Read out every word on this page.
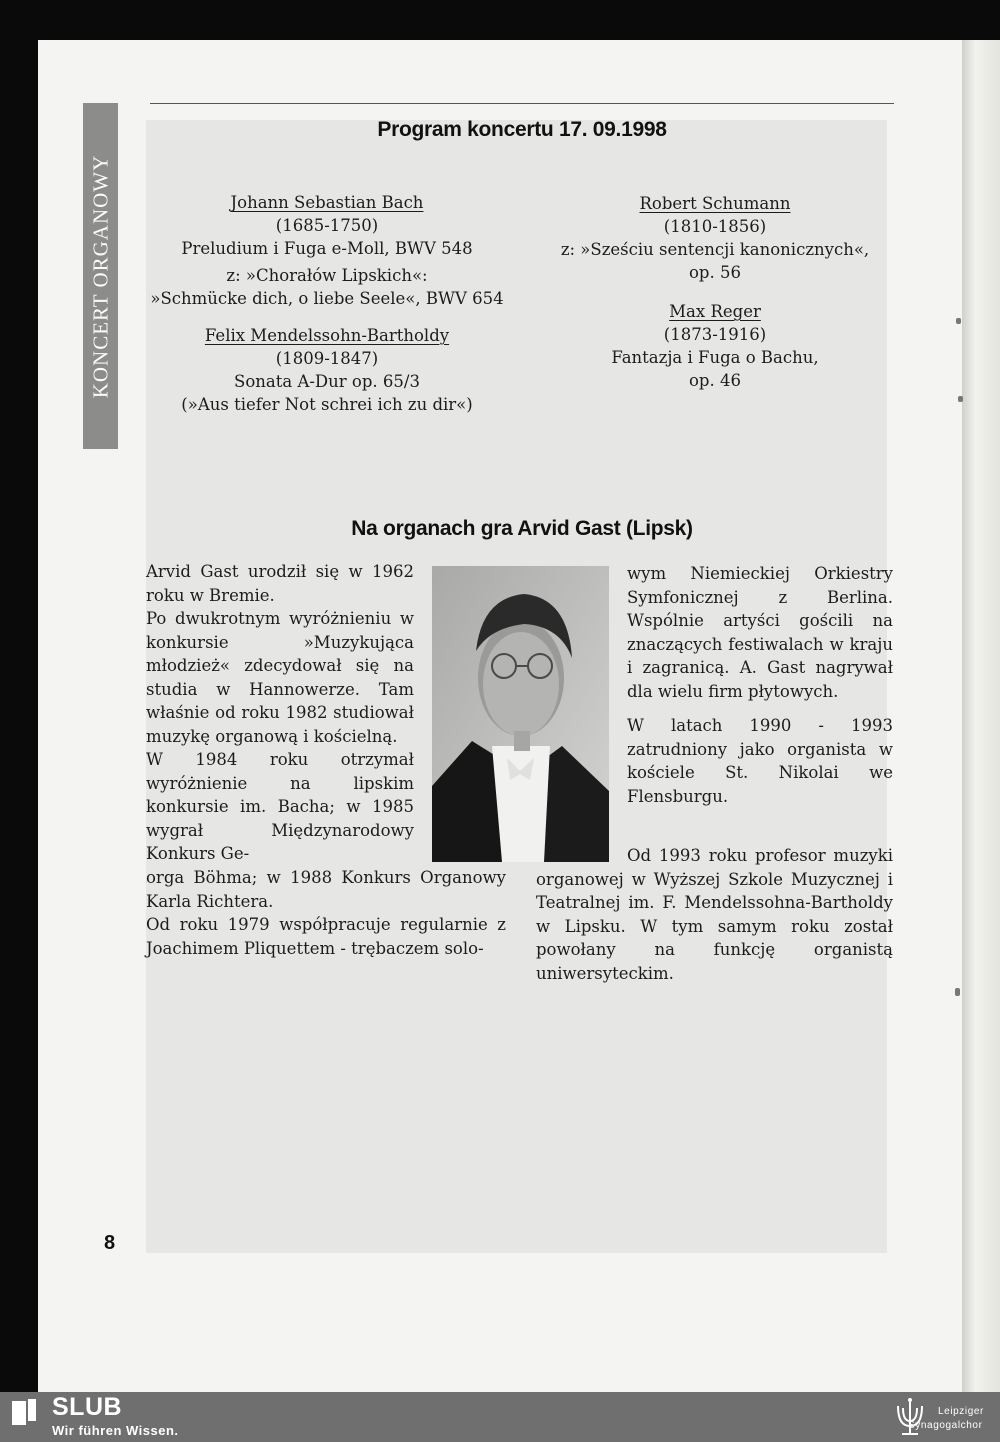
KONCERT ORGANOWY
Program koncertu 17. 09.1998
Johann Sebastian Bach
(1685-1750)
Preludium i Fuga e-Moll, BWV 548
z: »Chorałów Lipskich«:
»Schmücke dich, o liebe Seele«, BWV 654
Felix Mendelssohn-Bartholdy
(1809-1847)
Sonata A-Dur op. 65/3
(»Aus tiefer Not schrei ich zu dir«)
Robert Schumann
(1810-1856)
z: »Sześciu sentencji kanonicznych«,
op. 56
Max Reger
(1873-1916)
Fantazja i Fuga o Bachu,
op. 46
Na organach gra Arvid Gast (Lipsk)

Arvid Gast urodził się w 1962 roku w Bremie.

Po dwukrotnym wyróżnieniu w konkursie »Muzykująca młodzież« zdecydował się na studia w Hannowerze. Tam właśnie od roku 1982 studiował muzykę organową i kościelną.

W 1984 roku otrzymał wyróżnienie na lipskim konkursie im. Bacha; w 1985 wygrał Międzynarodowy Konkurs Ge-

orga Böhma; w 1988 Konkurs Organowy Karla Richtera.

Od roku 1979 współpracuje regularnie z Joachimem Pliquettem - trębaczem solo-

wym Niemieckiej Orkiestry Symfonicznej z Berlina. Wspólnie artyści gościli na znaczących festiwalach w kraju i zagranicą. A. Gast nagrywał dla wielu firm płytowych.

W latach 1990 - 1993 zatrudniony jako organista w kościele St. Nikolai we Flensburgu.

Od 1993 roku profesor muzyki organowej w Wyższej Szkole Muzycznej i Teatralnej im. F. Mendelssohna-Bartholdy w Lipsku. W tym samym roku został powołany na funkcję organistą uniwersyteckim.

8
SLUB
Wir führen Wissen.
Leipziger
Synagogalchor
